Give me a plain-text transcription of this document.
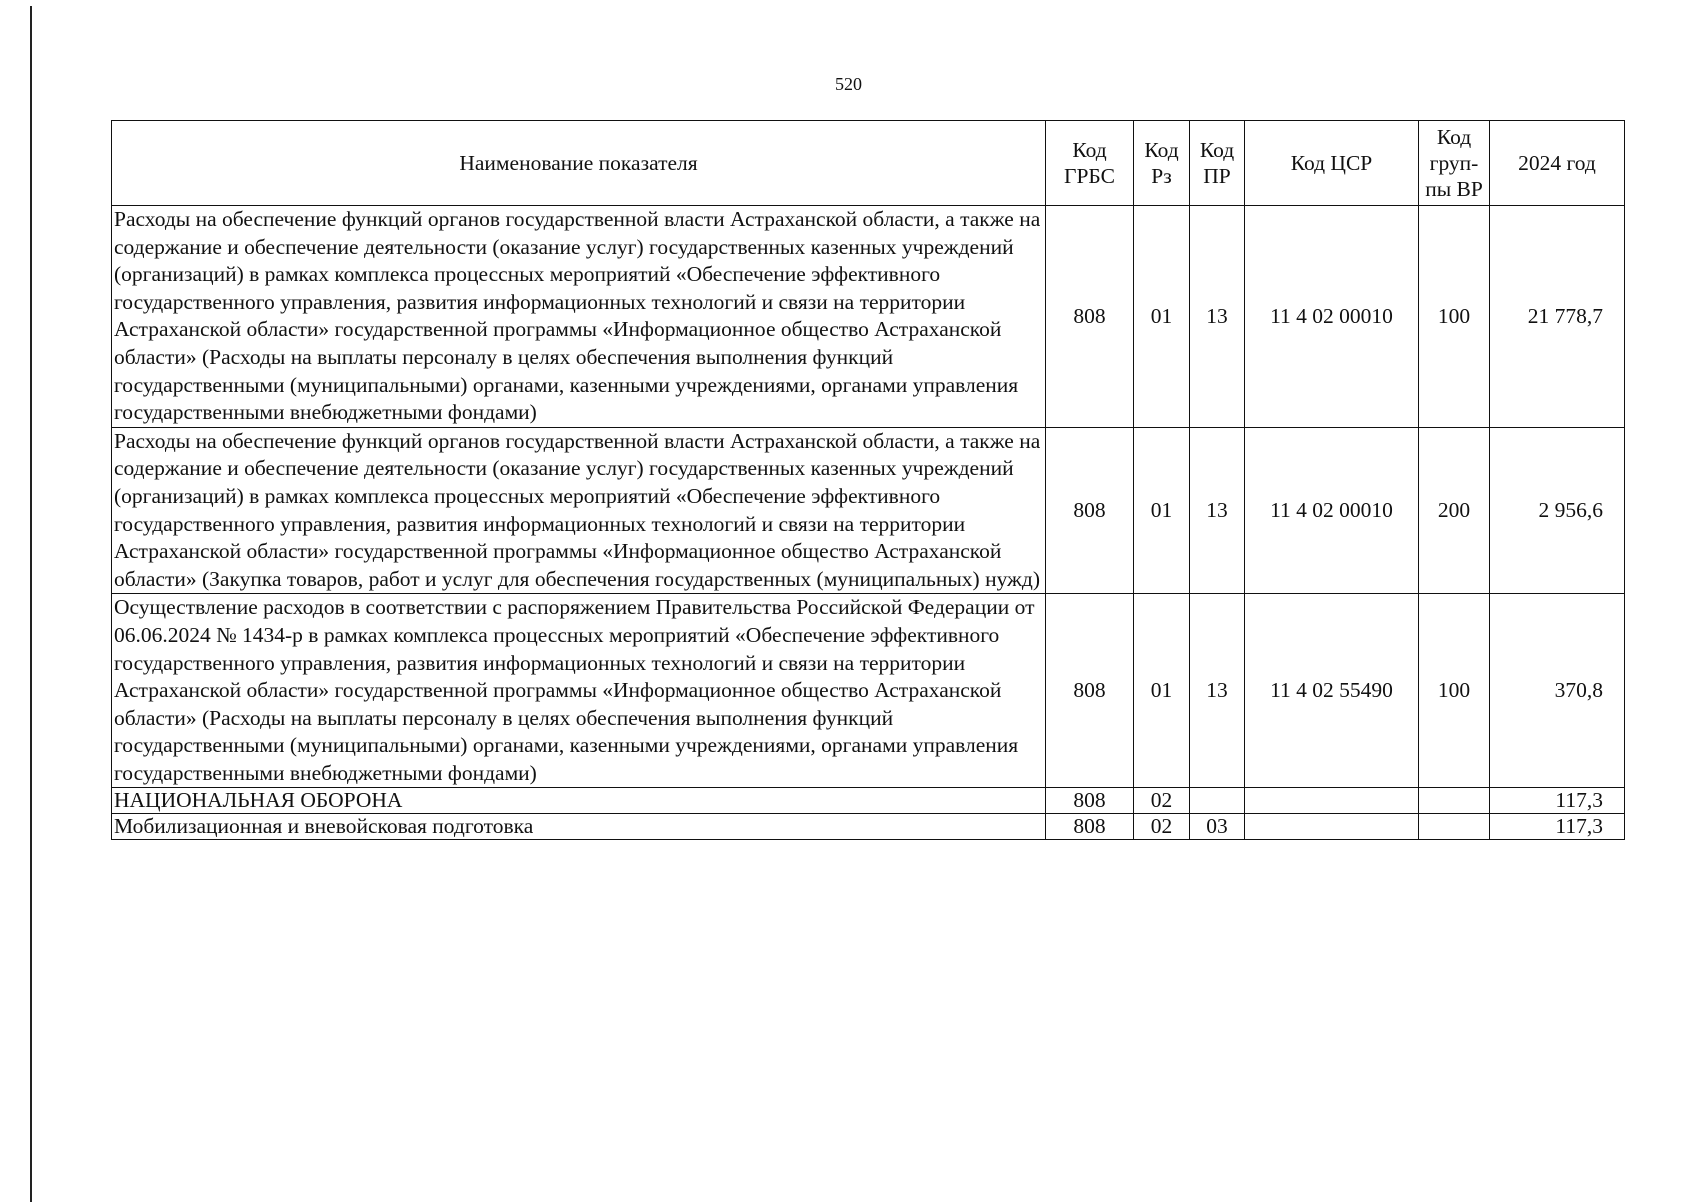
520
Наименование показателя	Код ГРБС	Код Рз	Код ПР	Код ЦСР	Код груп-пы ВР	2024 год
Расходы на обеспечение функций органов государственной власти Астраханской области, а также на содержание и обеспечение деятельности (оказание услуг) государственных казенных учреждений (организаций) в рамках комплекса процессных мероприятий «Обеспечение эффективного государственного управления, развития информационных технологий и связи на территории Астраханской области» государственной программы «Информационное общество Астраханской области» (Расходы на выплаты персоналу в целях обеспечения выполнения функций государственными (муниципальными) органами, казенными учреждениями, органами управления государственными внебюджетными фондами)	808	01	13	11 4 02 00010	100	21 778,7
Расходы на обеспечение функций органов государственной власти Астраханской области, а также на содержание и обеспечение деятельности (оказание услуг) государственных казенных учреждений (организаций) в рамках комплекса процессных мероприятий «Обеспечение эффективного государственного управления, развития информационных технологий и связи на территории Астраханской области» государственной программы «Информационное общество Астраханской области» (Закупка товаров, работ и услуг для обеспечения государственных (муниципальных) нужд)	808	01	13	11 4 02 00010	200	2 956,6
Осуществление расходов в соответствии с распоряжением Правительства Российской Федерации от 06.06.2024 № 1434-р в рамках комплекса процессных мероприятий «Обеспечение эффективного государственного управления, развития информационных технологий и связи на территории Астраханской области» государственной программы «Информационное общество Астраханской области» (Расходы на выплаты персоналу в целях обеспечения выполнения функций государственными (муниципальными) органами, казенными учреждениями, органами управления государственными внебюджетными фондами)	808	01	13	11 4 02 55490	100	370,8
НАЦИОНАЛЬНАЯ ОБОРОНА	808	02				117,3
Мобилизационная и вневойсковая подготовка	808	02	03			117,3
